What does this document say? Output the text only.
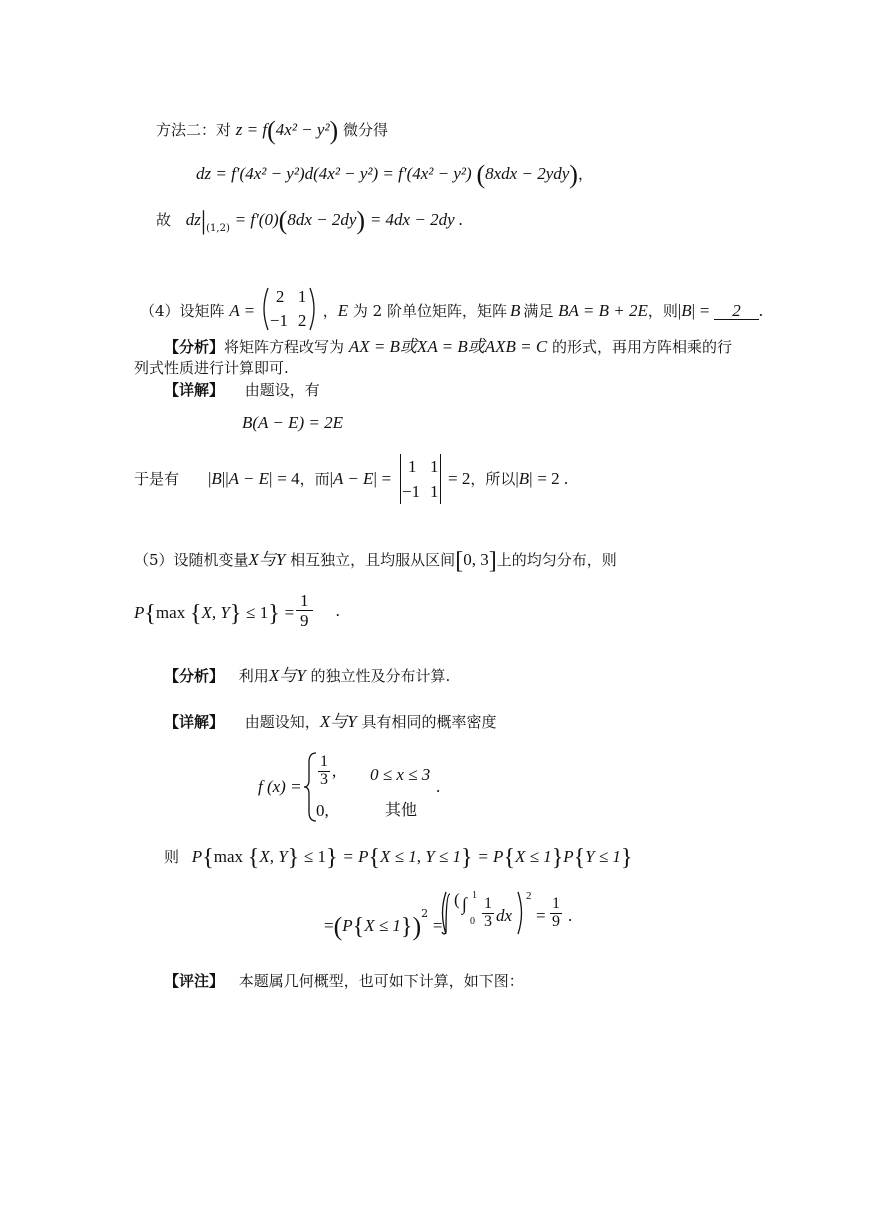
方法二：对 z = f(4x² − y²) 微分得
dz = f′(4x² − y²)d(4x² − y²) = f′(4x² − y²) (8xdx − 2ydy)，
故 $dz|_{(1,2)} = f'(0)(8dx - 2dy) = 4dx - 2dy$ .
（4）设矩阵 A =
2 1
−1 2 ，E 为 2 阶单位矩阵，矩阵 B 满足 BA = B + 2E，则|B| = 2 .
【分析】将矩阵方程改写为 AX = B或XA = B或AXB = C 的形式，再用方阵相乘的行
列式性质进行计算即可.
【详解】 由题设，有
B(A − E) = 2E
于是有 |B||A − E| = 4，而|A − E| =
1 1
−1 1
= 2，所以|B| = 2 .
（5）设随机变量X与Y 相互独立，且均服从区间[0, 3]上的均匀分布，则
P{max {X, $Y\} \le 1\} = \frac{1}{9}$ .
【分析】 利用X与Y 的独立性及分布计算.
【详解】 由题设知，X与Y 具有相同的概率密度
f $(x) = \frac{1}{3}$ , 0 ≤ x ≤ 3
.
0,	其他
则 P{max {X, Y} ≤ 1} = P{X ≤ 1, Y ≤ 1} = P{X ≤ 1}P{Y ≤ 1}
=(P{X ≤ 1})$^2$ =
( ∫ 1
$0 \frac{1}{3}$ dx
2
= $\frac{1}{9}$ .
【评注】 本题属几何概型，也可如下计算，如下图：
